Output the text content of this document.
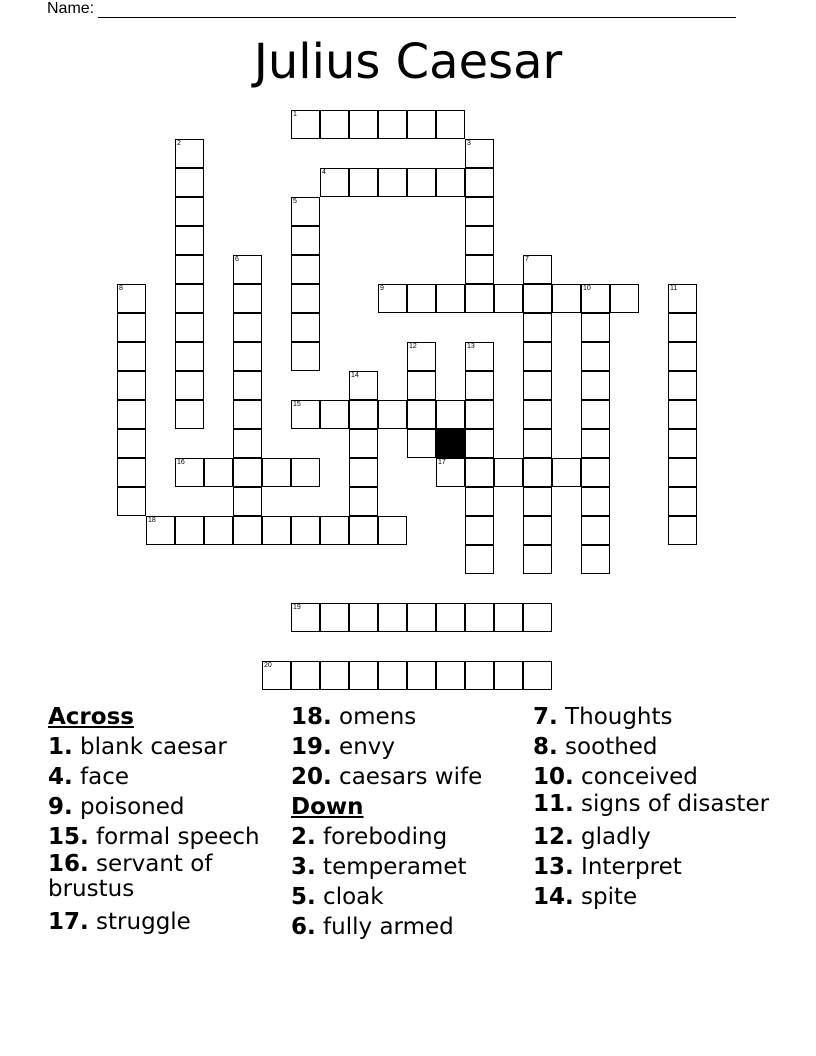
Name:
Julius Caesar
1
4
9	10
15
16	17
18
19
20
2	3
5
6	7
8	11
12	13
14
Across
1. blank caesar
4. face
9. poisoned
15. formal speech
16. servant of brustus
17. struggle
18. omens
19. envy
20. caesars wife
Down
2. foreboding
3. temperamet
5. cloak
6. fully armed
7. Thoughts
8. soothed
10. conceived
11. signs of disaster
12. gladly
13. Interpret
14. spite
